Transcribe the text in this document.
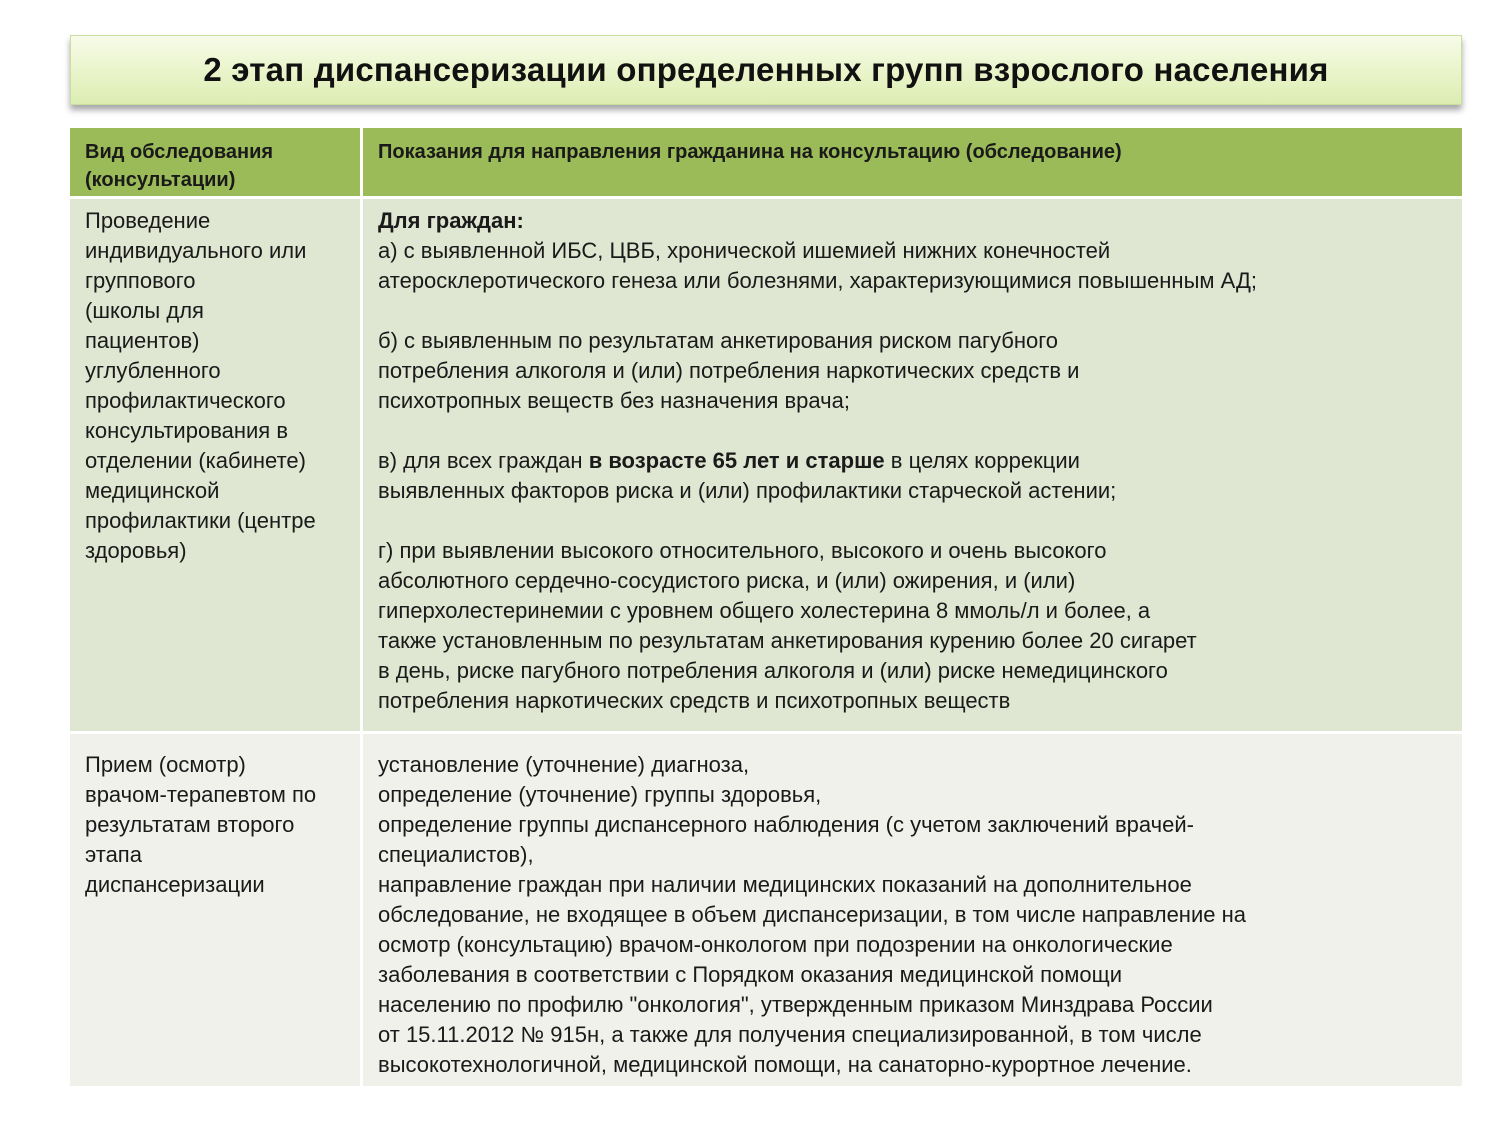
2 этап диспансеризации определенных групп взрослого населения
Вид обследования
(консультации)
Показания для направления гражданина на консультацию (обследование)
Проведение
индивидуального или
группового
(школы для
пациентов)
углубленного
профилактического
консультирования в
отделении (кабинете)
медицинской
профилактики (центре
здоровья)
Для граждан:
а) с выявленной ИБС, ЦВБ, хронической ишемией нижних конечностей
атеросклеротического генеза или болезнями, характеризующимися повышенным АД;
б) с выявленным по результатам анкетирования риском пагубного
потребления алкоголя и (или) потребления наркотических средств и
психотропных веществ без назначения врача;
в) для всех граждан в возрасте 65 лет и старше в целях коррекции
выявленных факторов риска и (или) профилактики старческой астении;
г) при выявлении высокого относительного, высокого и очень высокого
абсолютного сердечно-сосудистого риска, и (или) ожирения, и (или)
гиперхолестеринемии с уровнем общего холестерина 8 ммоль/л и более, а
также установленным по результатам анкетирования курению более 20 сигарет
в день, риске пагубного потребления алкоголя и (или) риске немедицинского
потребления наркотических средств и психотропных веществ
Прием (осмотр)
врачом-терапевтом по
результатам второго
этапа
диспансеризации
установление (уточнение) диагноза,
определение (уточнение) группы здоровья,
определение группы диспансерного наблюдения (с учетом заключений врачей-
специалистов),
направление граждан при наличии медицинских показаний на дополнительное
обследование, не входящее в объем диспансеризации, в том числе направление на
осмотр (консультацию) врачом-онкологом при подозрении на онкологические
заболевания в соответствии с Порядком оказания медицинской помощи
населению по профилю "онкология", утвержденным приказом Минздрава России
от 15.11.2012 № 915н, а также для получения специализированной, в том числе
высокотехнологичной, медицинской помощи, на санаторно-курортное лечение.
